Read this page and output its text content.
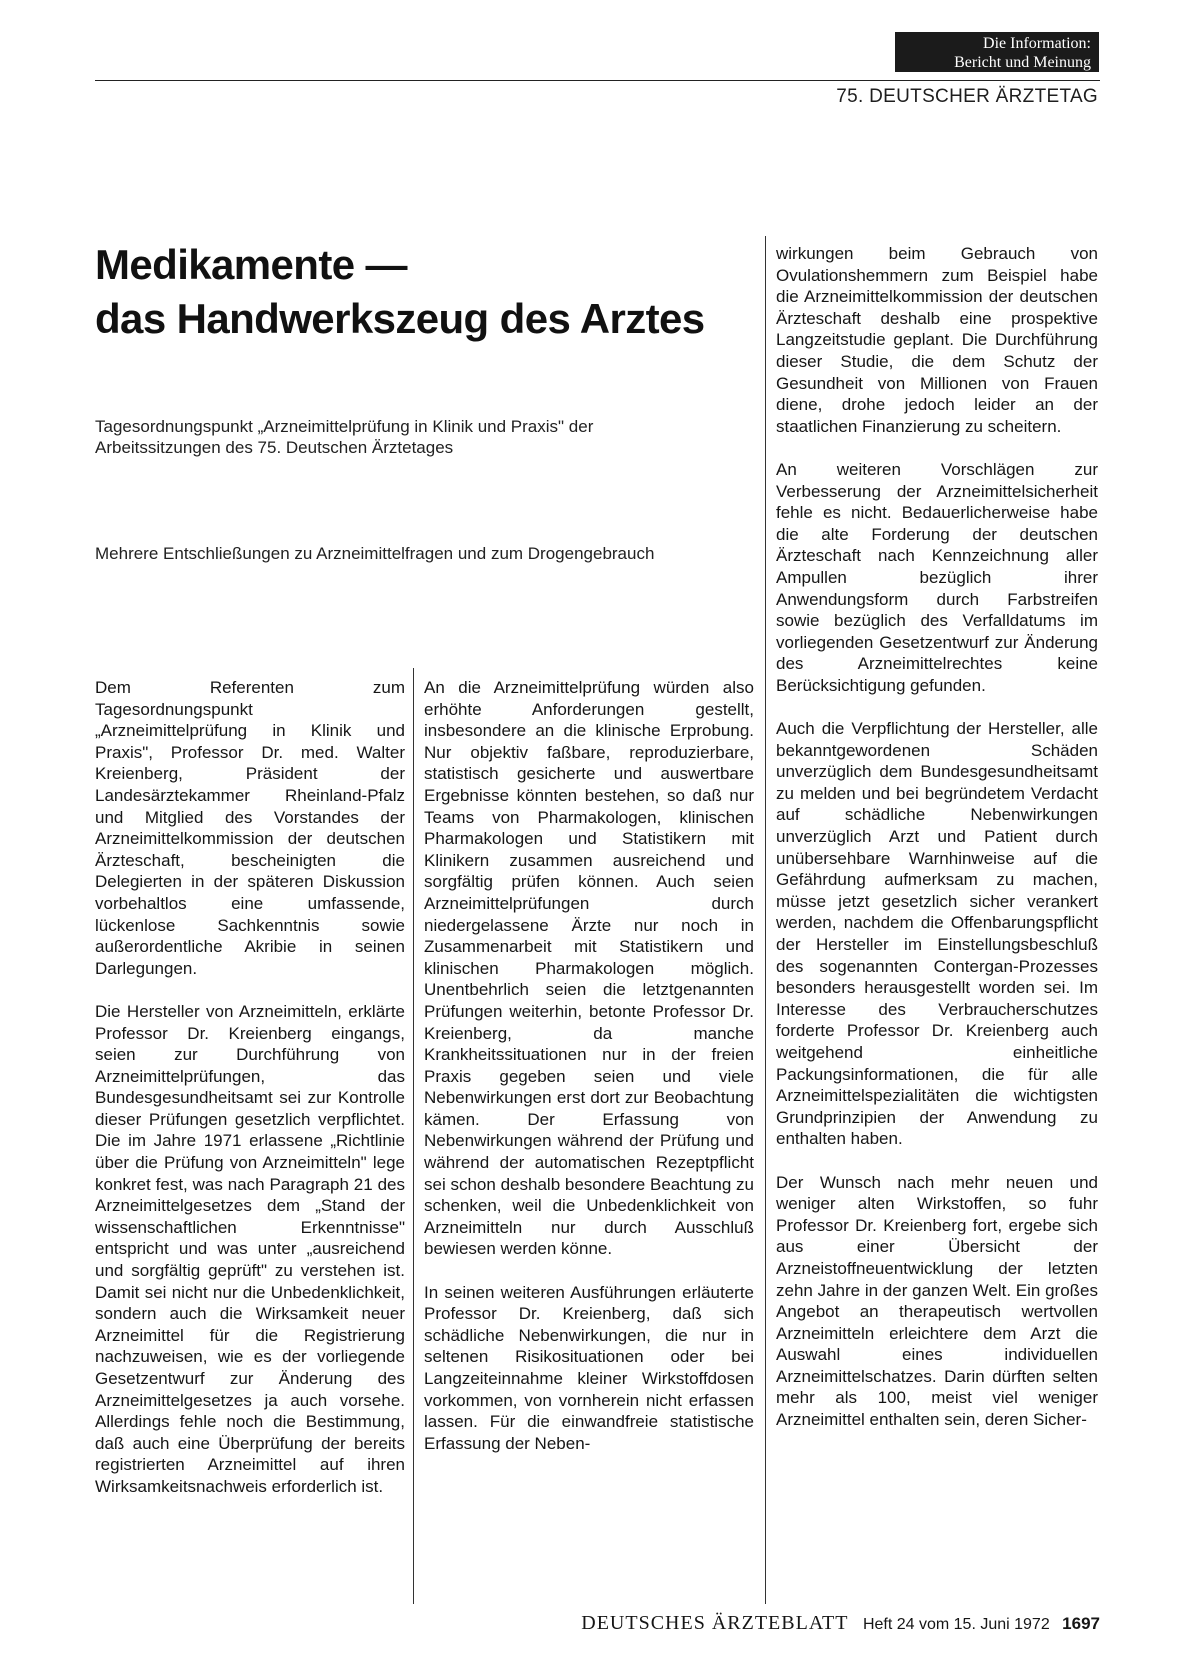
Die Information:
Bericht und Meinung
75. DEUTSCHER ÄRZTETAG
Medikamente —
das Handwerkszeug des Arztes
Tagesordnungspunkt „Arzneimittelprüfung in Klinik und Praxis" der Arbeitssitzungen des 75. Deutschen Ärztetages
Mehrere Entschließungen zu Arzneimittelfragen und zum Drogengebrauch

Dem Referenten zum Tagesordnungspunkt „Arzneimittelprüfung in Klinik und Praxis", Professor Dr. med. Walter Kreienberg, Präsident der Landesärztekammer Rheinland-Pfalz und Mitglied des Vorstandes der Arzneimittelkommission der deutschen Ärzteschaft, bescheinigten die Delegierten in der späteren Diskussion vorbehaltlos eine umfassende, lückenlose Sachkenntnis sowie außerordentliche Akribie in seinen Darlegungen.

Die Hersteller von Arzneimitteln, erklärte Professor Dr. Kreienberg eingangs, seien zur Durchführung von Arzneimittelprüfungen, das Bundesgesundheitsamt sei zur Kontrolle dieser Prüfungen gesetzlich verpflichtet. Die im Jahre 1971 erlassene „Richtlinie über die Prüfung von Arzneimitteln" lege konkret fest, was nach Paragraph 21 des Arzneimittelgesetzes dem „Stand der wissenschaftlichen Erkenntnisse" entspricht und was unter „ausreichend und sorgfältig geprüft" zu verstehen ist. Damit sei nicht nur die Unbedenklichkeit, sondern auch die Wirksamkeit neuer Arzneimittel für die Registrierung nachzuweisen, wie es der vorliegende Gesetzentwurf zur Änderung des Arzneimittelgesetzes ja auch vorsehe. Allerdings fehle noch die Bestimmung, daß auch eine Überprüfung der bereits registrierten Arzneimittel auf ihren Wirksamkeitsnachweis erforderlich ist.

An die Arzneimittelprüfung würden also erhöhte Anforderungen gestellt, insbesondere an die klinische Erprobung. Nur objektiv faßbare, reproduzierbare, statistisch gesicherte und auswertbare Ergebnisse könnten bestehen, so daß nur Teams von Pharmakologen, klinischen Pharmakologen und Statistikern mit Klinikern zusammen ausreichend und sorgfältig prüfen können. Auch seien Arzneimittelprüfungen durch niedergelassene Ärzte nur noch in Zusammenarbeit mit Statistikern und klinischen Pharmakologen möglich. Unentbehrlich seien die letztgenannten Prüfungen weiterhin, betonte Professor Dr. Kreienberg, da manche Krankheitssituationen nur in der freien Praxis gegeben seien und viele Nebenwirkungen erst dort zur Beobachtung kämen. Der Erfassung von Nebenwirkungen während der Prüfung und während der automatischen Rezeptpflicht sei schon deshalb besondere Beachtung zu schenken, weil die Unbedenklichkeit von Arzneimitteln nur durch Ausschluß bewiesen werden könne.

In seinen weiteren Ausführungen erläuterte Professor Dr. Kreienberg, daß sich schädliche Nebenwirkungen, die nur in seltenen Risikosituationen oder bei Langzeiteinnahme kleiner Wirkstoffdosen vorkommen, von vornherein nicht erfassen lassen. Für die einwandfreie statistische Erfassung der Neben-

wirkungen beim Gebrauch von Ovulationshemmern zum Beispiel habe die Arzneimittelkommission der deutschen Ärzteschaft deshalb eine prospektive Langzeitstudie geplant. Die Durchführung dieser Studie, die dem Schutz der Gesundheit von Millionen von Frauen diene, drohe jedoch leider an der staatlichen Finanzierung zu scheitern.

An weiteren Vorschlägen zur Verbesserung der Arzneimittelsicherheit fehle es nicht. Bedauerlicherweise habe die alte Forderung der deutschen Ärzteschaft nach Kennzeichnung aller Ampullen bezüglich ihrer Anwendungsform durch Farbstreifen sowie bezüglich des Verfalldatums im vorliegenden Gesetzentwurf zur Änderung des Arzneimittelrechtes keine Berücksichtigung gefunden.

Auch die Verpflichtung der Hersteller, alle bekanntgewordenen Schäden unverzüglich dem Bundesgesundheitsamt zu melden und bei begründetem Verdacht auf schädliche Nebenwirkungen unverzüglich Arzt und Patient durch unübersehbare Warnhinweise auf die Gefährdung aufmerksam zu machen, müsse jetzt gesetzlich sicher verankert werden, nachdem die Offenbarungspflicht der Hersteller im Einstellungsbeschluß des sogenannten Contergan-Prozesses besonders herausgestellt worden sei. Im Interesse des Verbraucherschutzes forderte Professor Dr. Kreienberg auch weitgehend einheitliche Packungsinformationen, die für alle Arzneimittelspezialitäten die wichtigsten Grundprinzipien der Anwendung zu enthalten haben.

Der Wunsch nach mehr neuen und weniger alten Wirkstoffen, so fuhr Professor Dr. Kreienberg fort, ergebe sich aus einer Übersicht der Arzneistoffneuentwicklung der letzten zehn Jahre in der ganzen Welt. Ein großes Angebot an therapeutisch wertvollen Arzneimitteln erleichtere dem Arzt die Auswahl eines individuellen Arzneimittelschatzes. Darin dürften selten mehr als 100, meist viel weniger Arzneimittel enthalten sein, deren Sicher-

DEUTSCHES ÄRZTEBLATT Heft 24 vom 15. Juni 1972 1697
